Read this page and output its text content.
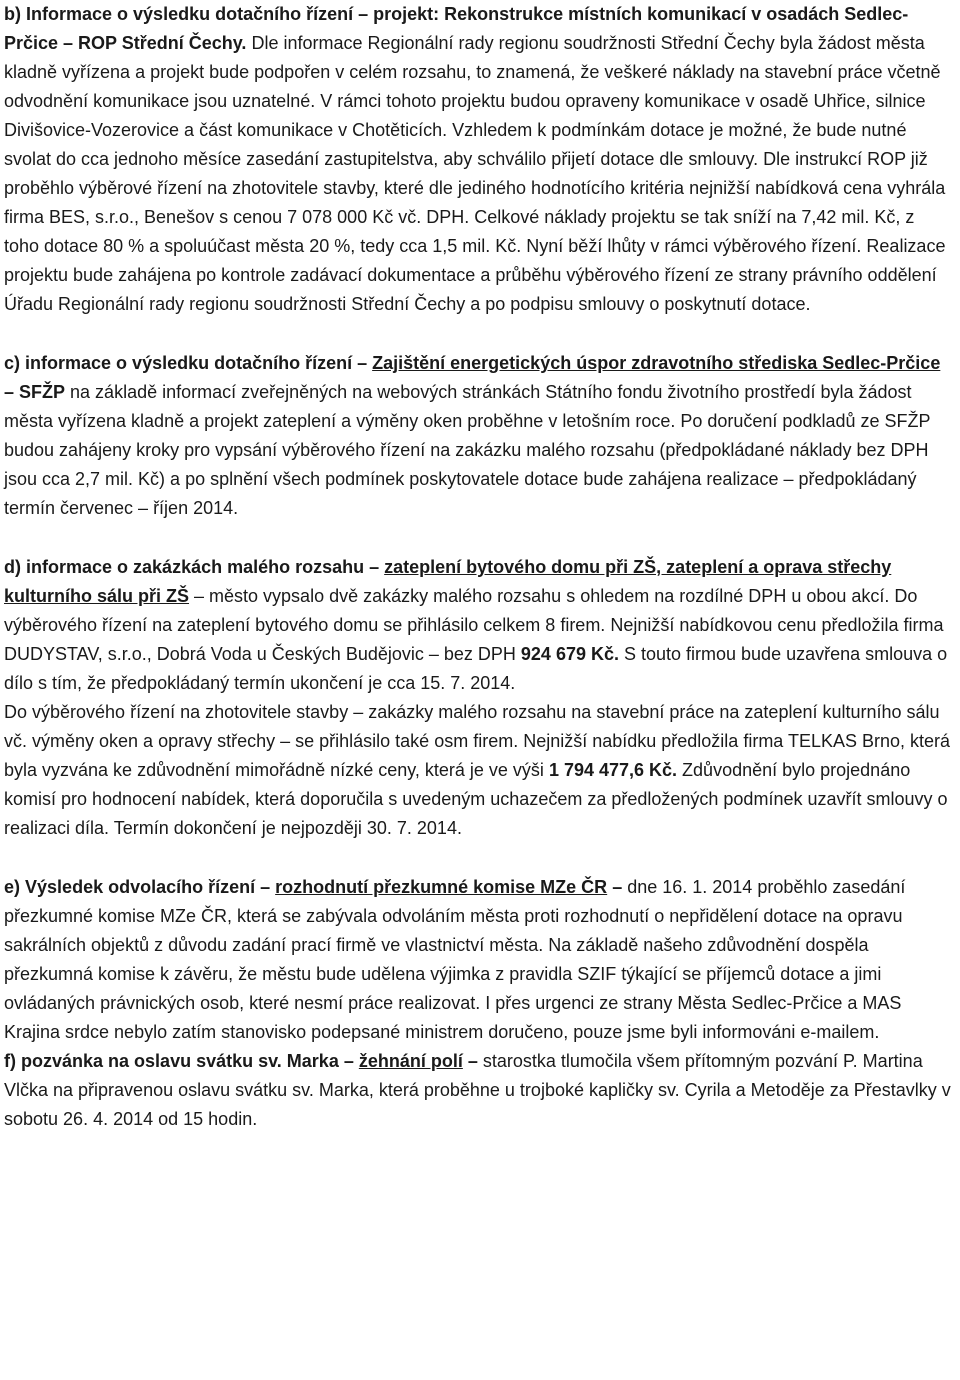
b) Informace o výsledku dotačního řízení – projekt: Rekonstrukce místních komunikací v osadách Sedlec-Prčice – ROP Střední Čechy. Dle informace Regionální rady regionu soudržnosti Střední Čechy byla žádost města kladně vyřízena a projekt bude podpořen v celém rozsahu, to znamená, že veškeré náklady na stavební práce včetně odvodnění komunikace jsou uznatelné. V rámci tohoto projektu budou opraveny komunikace v osadě Uhřice, silnice Divišovice-Vozerovice a část komunikace v Chotěticích. Vzhledem k podmínkám dotace je možné, že bude nutné svolat do cca jednoho měsíce zasedání zastupitelstva, aby schválilo přijetí dotace dle smlouvy. Dle instrukcí ROP již proběhlo výběrové řízení na zhotovitele stavby, které dle jediného hodnotícího kritéria nejnižší nabídková cena vyhrála firma BES, s.r.o., Benešov s cenou 7 078 000 Kč vč. DPH. Celkové náklady projektu se tak sníží na 7,42 mil. Kč, z toho dotace 80 % a spoluúčast města 20 %, tedy cca 1,5 mil. Kč. Nyní běží lhůty v rámci výběrového řízení. Realizace projektu bude zahájena po kontrole zadávací dokumentace a průběhu výběrového řízení ze strany právního oddělení Úřadu Regionální rady regionu soudržnosti Střední Čechy a po podpisu smlouvy o poskytnutí dotace.
c) informace o výsledku dotačního řízení – Zajištění energetických úspor zdravotního střediska Sedlec-Prčice – SFŽP na základě informací zveřejněných na webových stránkách Státního fondu životního prostředí byla žádost města vyřízena kladně a projekt zateplení a výměny oken proběhne v letošním roce. Po doručení podkladů ze SFŽP budou zahájeny kroky pro vypsání výběrového řízení na zakázku malého rozsahu (předpokládané náklady bez DPH jsou cca 2,7 mil. Kč) a po splnění všech podmínek poskytovatele dotace bude zahájena realizace – předpokládaný termín červenec – říjen 2014.
d) informace o zakázkách malého rozsahu – zateplení bytového domu při ZŠ, zateplení a oprava střechy kulturního sálu při ZŠ – město vypsalo dvě zakázky malého rozsahu s ohledem na rozdílné DPH u obou akcí. Do výběrového řízení na zateplení bytového domu se přihlásilo celkem 8 firem. Nejnižší nabídkovou cenu předložila firma DUDYSTAV, s.r.o., Dobrá Voda u Českých Budějovic – bez DPH 924 679 Kč. S touto firmou bude uzavřena smlouva o dílo s tím, že předpokládaný termín ukončení je cca 15. 7. 2014.
Do výběrového řízení na zhotovitele stavby – zakázky malého rozsahu na stavební práce na zateplení kulturního sálu vč. výměny oken a opravy střechy – se přihlásilo také osm firem. Nejnižší nabídku předložila firma TELKAS Brno, která byla vyzvána ke zdůvodnění mimořádně nízké ceny, která je ve výši 1 794 477,6 Kč. Zdůvodnění bylo projednáno komisí pro hodnocení nabídek, která doporučila s uvedeným uchazečem za předložených podmínek uzavřít smlouvy o realizaci díla. Termín dokončení je nejpozději 30. 7. 2014.
e) Výsledek odvolacího řízení – rozhodnutí přezkumné komise MZe ČR – dne 16. 1. 2014 proběhlo zasedání přezkumné komise MZe ČR, která se zabývala odvoláním města proti rozhodnutí o nepřidělení dotace na opravu sakrálních objektů z důvodu zadání prací firmě ve vlastnictví města. Na základě našeho zdůvodnění dospěla přezkumná komise k závěru, že městu bude udělena výjimka z pravidla SZIF týkající se příjemců dotace a jimi ovládaných právnických osob, které nesmí práce realizovat. I přes urgenci ze strany Města Sedlec-Prčice a MAS Krajina srdce nebylo zatím stanovisko podepsané ministrem doručeno, pouze jsme byli informováni e-mailem.
f) pozvánka na oslavu svátku sv. Marka – žehnání polí – starostka tlumočila všem přítomným pozvání P. Martina Vlčka na připravenou oslavu svátku sv. Marka, která proběhne u trojboké kapličky sv. Cyrila a Metoděje za Přestavlky v sobotu 26. 4. 2014 od 15 hodin.
